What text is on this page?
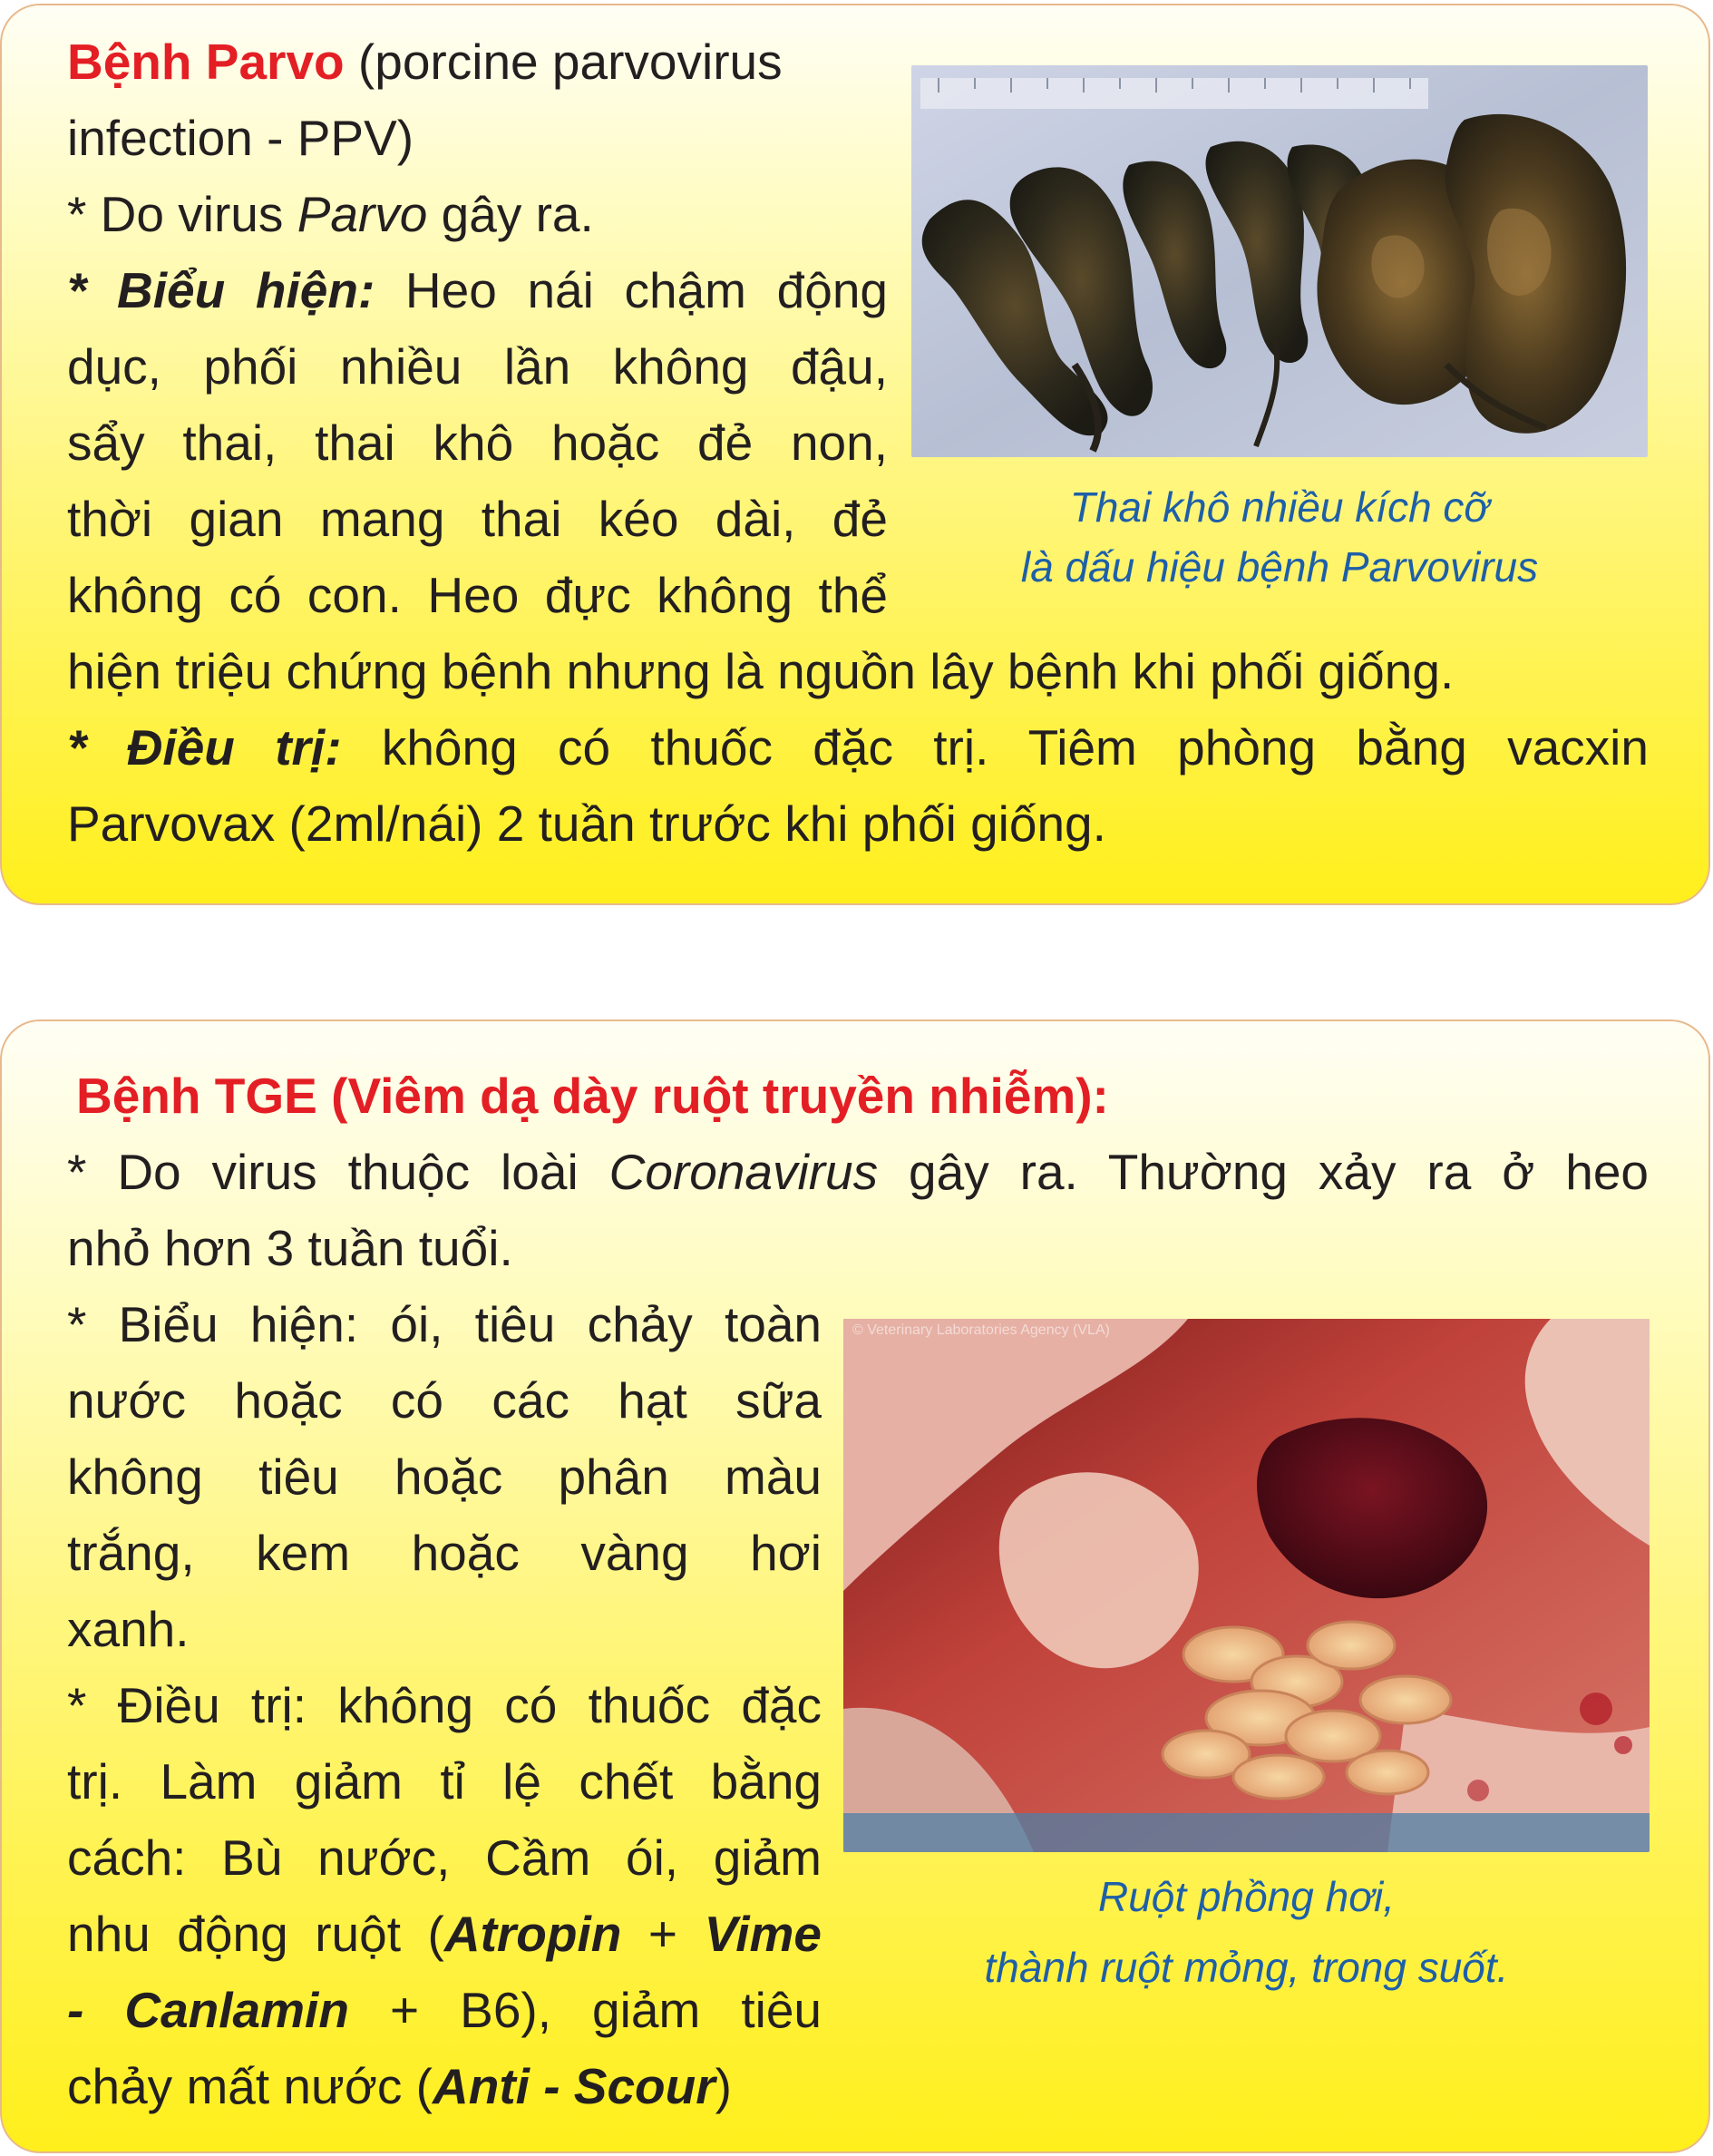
Bệnh Parvo (porcine parvovirus

infection - PPV)

* Do virus Parvo gây ra.

* Biểu hiện: Heo nái chậm động

dục, phối nhiều lần không đậu,

sẩy thai, thai khô hoặc đẻ non,

thời gian mang thai kéo dài, đẻ

không có con. Heo đực không thể

hiện triệu chứng bệnh nhưng là nguồn lây bệnh khi phối giống.

* Điều trị: không có thuốc đặc trị. Tiêm phòng bằng vacxin

Parvovax (2ml/nái) 2 tuần trước khi phối giống.

Thai khô nhiều kích cỡ

là dấu hiệu bệnh Parvovirus

Bệnh TGE (Viêm dạ dày ruột truyền nhiễm):

* Do virus thuộc loài Coronavirus gây ra. Thường xảy ra ở heo

nhỏ hơn 3 tuần tuổi.

* Biểu hiện: ói, tiêu chảy toàn

nước hoặc có các hạt sữa

không tiêu hoặc phân màu

trắng, kem hoặc vàng hơi

xanh.

* Điều trị: không có thuốc đặc

trị. Làm giảm tỉ lệ chết bằng

cách: Bù nước, Cầm ói, giảm

nhu động ruột (Atropin + Vime

- Canlamin + B6), giảm tiêu

chảy mất nước (Anti - Scour)

© Veterinary Laboratories Agency (VLA)

Ruột phồng hơi,

thành ruột mỏng, trong suốt.
